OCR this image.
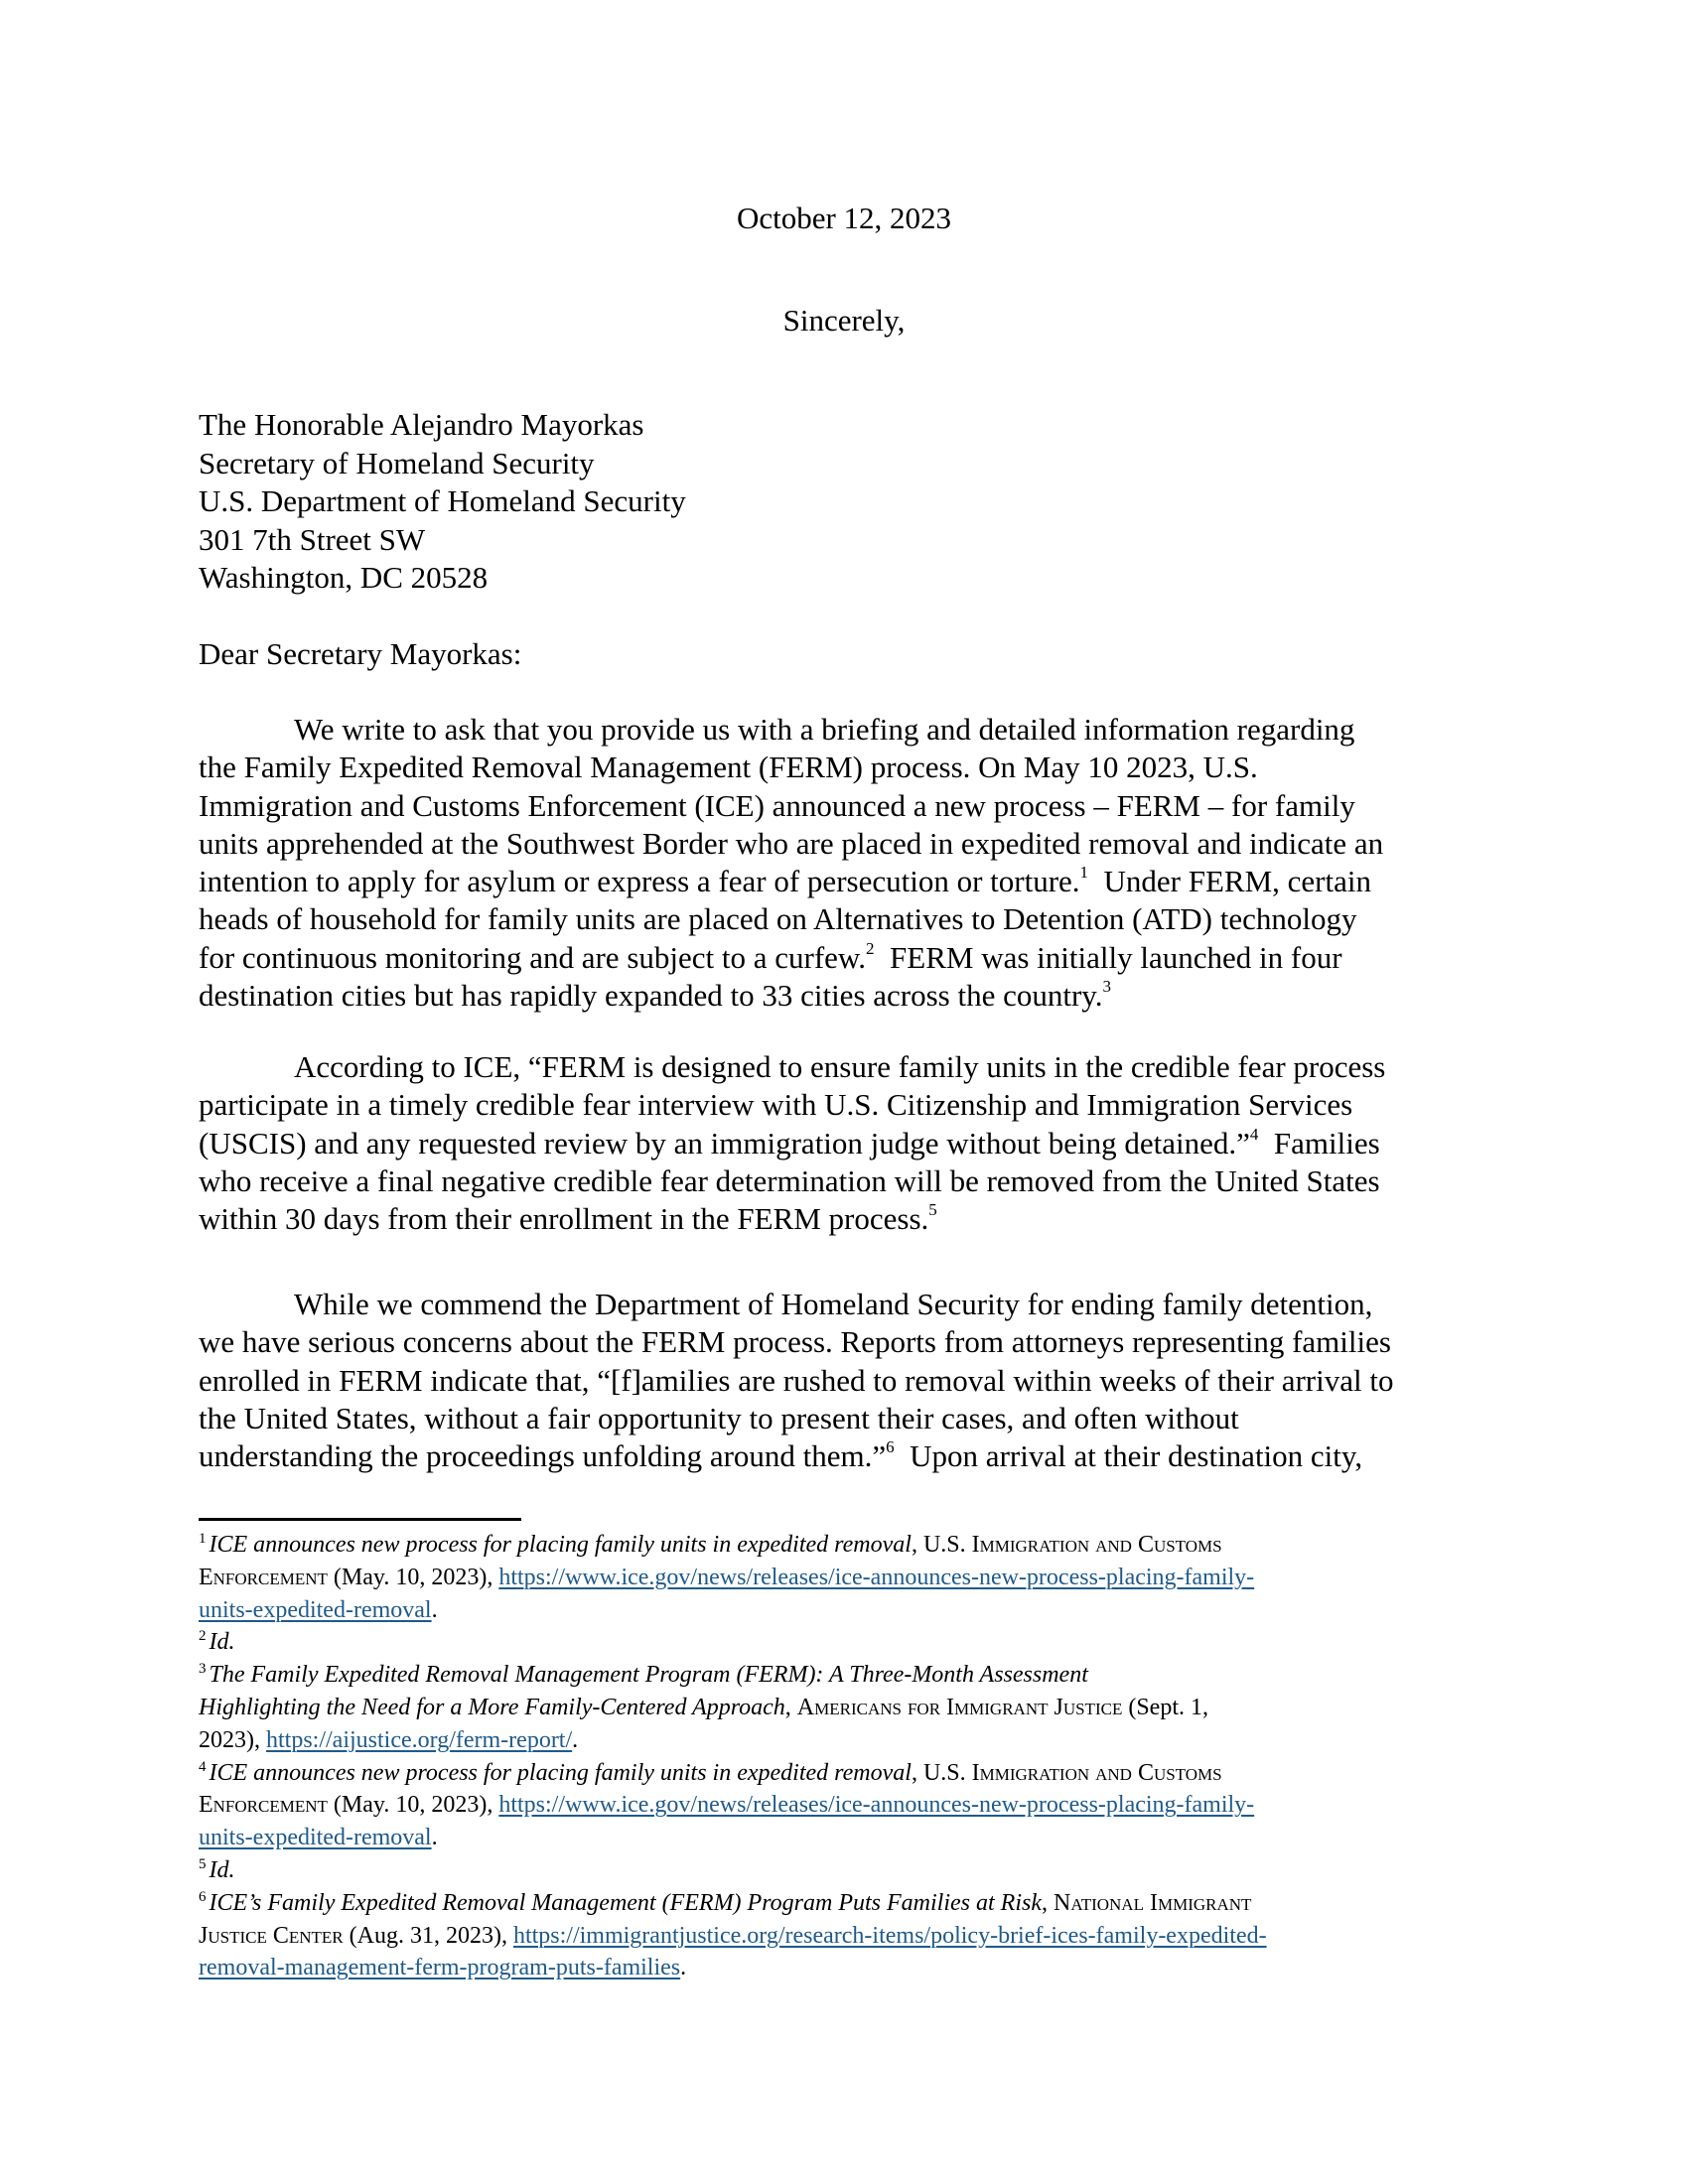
October 12, 2023
Sincerely,
The Honorable Alejandro Mayorkas
Secretary of Homeland Security
U.S. Department of Homeland Security
301 7th Street SW
Washington, DC 20528
Dear Secretary Mayorkas:
We write to ask that you provide us with a briefing and detailed information regarding
the Family Expedited Removal Management (FERM) process. On May 10 2023, U.S.
Immigration and Customs Enforcement (ICE) announced a new process – FERM – for family
units apprehended at the Southwest Border who are placed in expedited removal and indicate an
intention to apply for asylum or express a fear of persecution or torture.$^1$  Under FERM, certain
heads of household for family units are placed on Alternatives to Detention (ATD) technology
for continuous monitoring and are subject to a curfew.$^2$  FERM was initially launched in four
destination cities but has rapidly expanded to 33 cities across the country.$^3$
According to ICE, “FERM is designed to ensure family units in the credible fear process
participate in a timely credible fear interview with U.S. Citizenship and Immigration Services
(USCIS) and any requested review by an immigration judge without being detained.”$^4$  Families
who receive a final negative credible fear determination will be removed from the United States
within 30 days from their enrollment in the FERM process.$^5$
While we commend the Department of Homeland Security for ending family detention,
we have serious concerns about the FERM process. Reports from attorneys representing families
enrolled in FERM indicate that, “[f]amilies are rushed to removal within weeks of their arrival to
the United States, without a fair opportunity to present their cases, and often without
understanding the proceedings unfolding around them.”$^6$  Upon arrival at their destination city,
$^1$ ICE announces new process for placing family units in expedited removal, U.S. Immigration and Customs
Enforcement (May. 10, 2023), https://www.ice.gov/news/releases/ice-announces-new-process-placing-family-
units-expedited-removal.
$^2$ Id.
$^3$ The Family Expedited Removal Management Program (FERM): A Three-Month Assessment
Highlighting the Need for a More Family-Centered Approach, Americans for Immigrant Justice (Sept. 1,
2023), https://aijustice.org/ferm-report/.
$^4$ ICE announces new process for placing family units in expedited removal, U.S. Immigration and Customs
Enforcement (May. 10, 2023), https://www.ice.gov/news/releases/ice-announces-new-process-placing-family-
units-expedited-removal.
$^5$ Id.
$^6$ ICE’s Family Expedited Removal Management (FERM) Program Puts Families at Risk, National Immigrant
Justice Center (Aug. 31, 2023), https://immigrantjustice.org/research-items/policy-brief-ices-family-expedited-
removal-management-ferm-program-puts-families.
